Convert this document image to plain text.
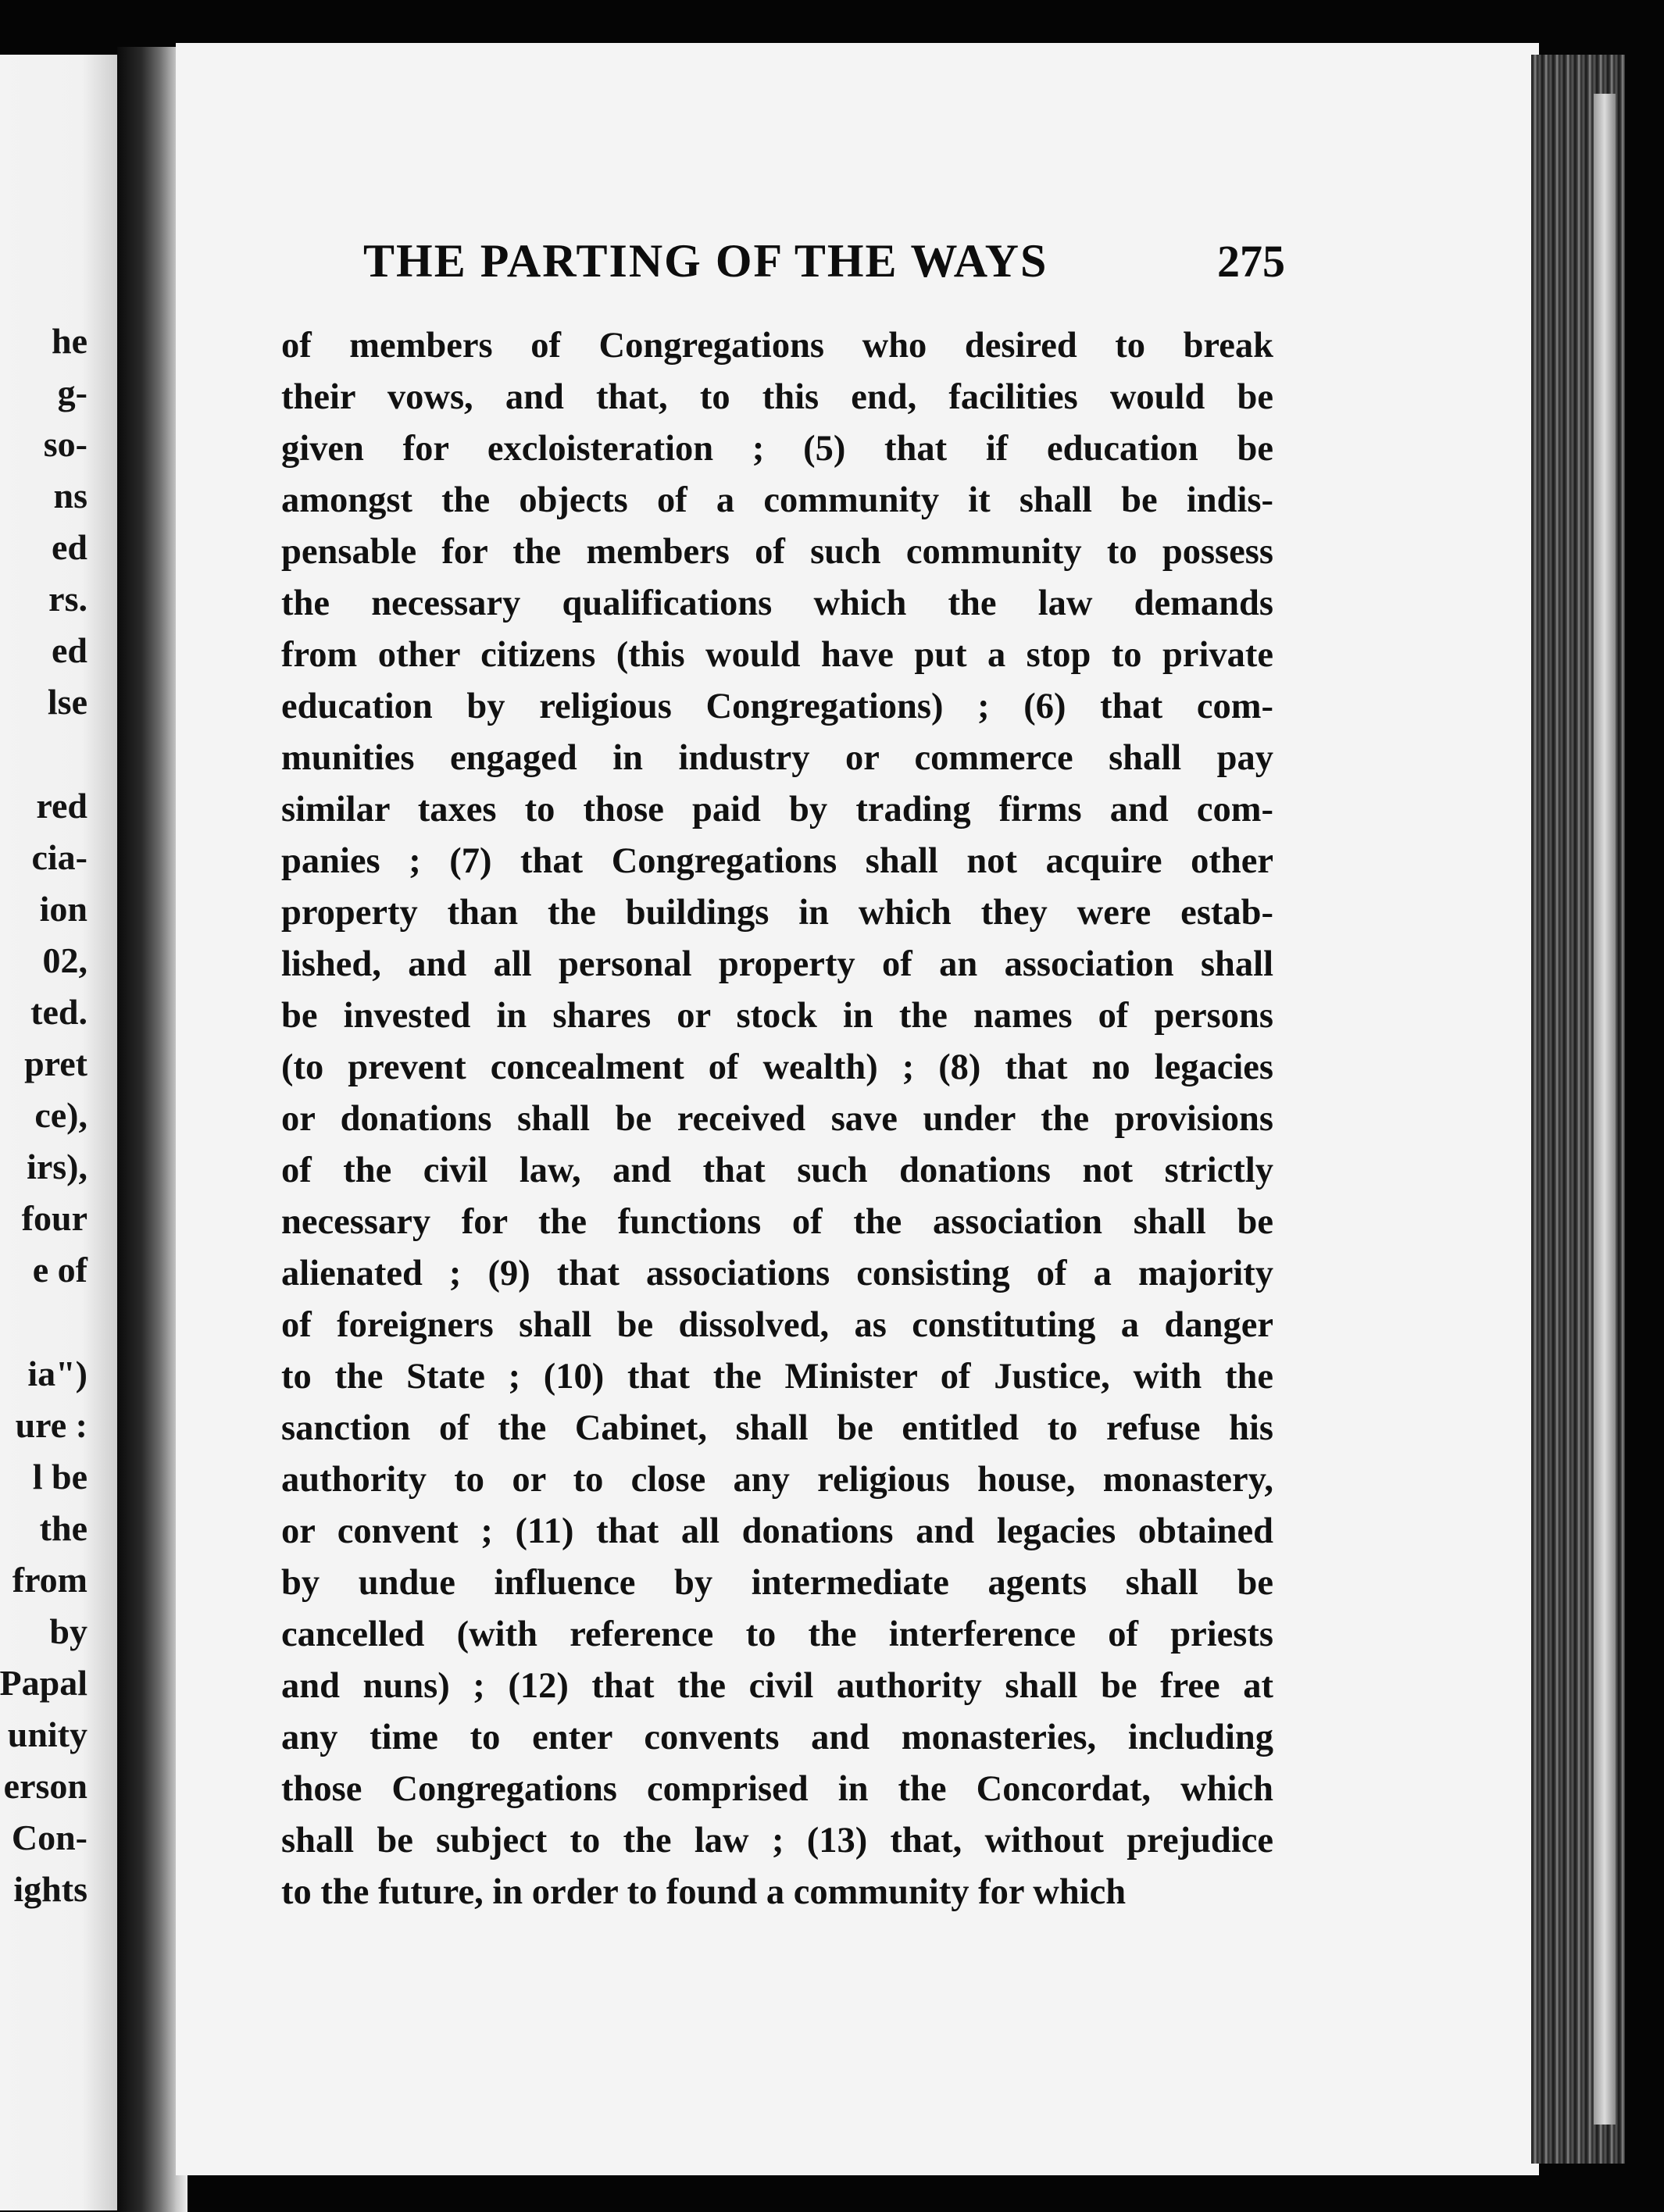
he
g-
so-
ns
ed
rs.
ed
lse
red
cia-
ion
02,
ted.
pret
ce),
irs),
four
e of
ia")
ure :
l be
the
from
by
Papal
unity
erson
Con-
ights
THE PARTING OF THE WAYS	275
of members of Congregations who desired to break
their vows, and that, to this end, facilities would be
given for excloisteration ; (5) that if education be
amongst the objects of a community it shall be indis-
pensable for the members of such community to possess
the necessary qualifications which the law demands
from other citizens (this would have put a stop to private
education by religious Congregations) ; (6) that com-
munities engaged in industry or commerce shall pay
similar taxes to those paid by trading firms and com-
panies ; (7) that Congregations shall not acquire other
property than the buildings in which they were estab-
lished, and all personal property of an association shall
be invested in shares or stock in the names of persons
(to prevent concealment of wealth) ; (8) that no legacies
or donations shall be received save under the provisions
of the civil law, and that such donations not strictly
necessary for the functions of the association shall be
alienated ; (9) that associations consisting of a majority
of foreigners shall be dissolved, as constituting a danger
to the State ; (10) that the Minister of Justice, with the
sanction of the Cabinet, shall be entitled to refuse his
authority to or to close any religious house, monastery,
or convent ; (11) that all donations and legacies obtained
by undue influence by intermediate agents shall be
cancelled (with reference to the interference of priests
and nuns) ; (12) that the civil authority shall be free at
any time to enter convents and monasteries, including
those Congregations comprised in the Concordat, which
shall be subject to the law ; (13) that, without prejudice
to the future, in order to found a community for which
